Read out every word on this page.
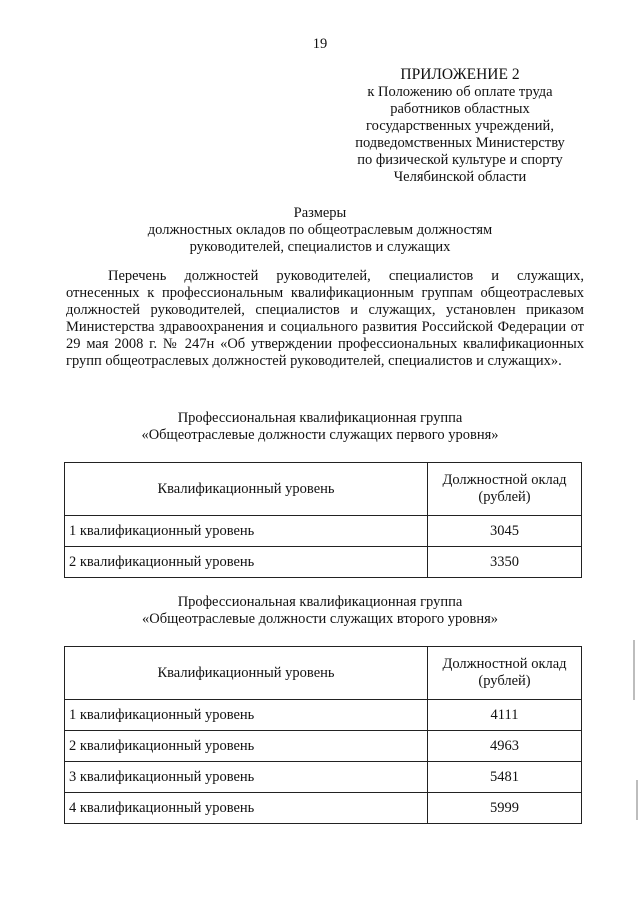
19
ПРИЛОЖЕНИЕ 2
к Положению об оплате труда
работников областных
государственных учреждений,
подведомственных Министерству
по физической культуре и спорту
Челябинской области
Размеры
должностных окладов по общеотраслевым должностям
руководителей, специалистов и служащих

Перечень должностей руководителей, специалистов и служащих, отнесенных к профессиональным квалификационным группам общеотраслевых должностей руководителей, специалистов и служащих, установлен приказом Министерства здравоохранения и социального развития Российской Федерации от 29 мая 2008 г. № 247н «Об утверждении профессиональных квалификационных групп общеотраслевых должностей руководителей, специалистов и служащих».

Профессиональная квалификационная группа
«Общеотраслевые должности служащих первого уровня»
Квалификационный уровень	Должностной оклад
(рублей)
1 квалификационный уровень	3045
2 квалификационный уровень	3350
Профессиональная квалификационная группа
«Общеотраслевые должности служащих второго уровня»
Квалификационный уровень	Должностной оклад
(рублей)
1 квалификационный уровень	4111
2 квалификационный уровень	4963
3 квалификационный уровень	5481
4 квалификационный уровень	5999
